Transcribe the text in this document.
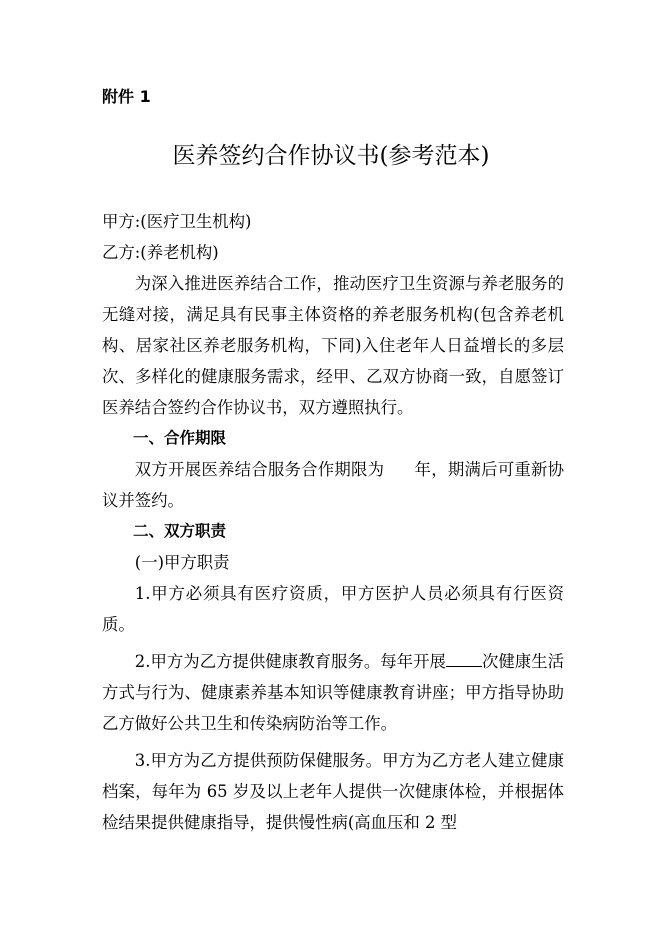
附件 1
医养签约合作协议书(参考范本)

甲方:(医疗卫生机构)

乙方:(养老机构)

为深入推进医养结合工作，推动医疗卫生资源与养老服务的无缝对接，满足具有民事主体资格的养老服务机构(包含养老机构、居家社区养老服务机构，下同)入住老年人日益增长的多层次、多样化的健康服务需求，经甲、乙双方协商一致，自愿签订医养结合签约合作协议书，双方遵照执行。

一、合作期限

双方开展医养结合服务合作期限为 年，期满后可重新协议并签约。

二、双方职责

(一)甲方职责

1.甲方必须具有医疗资质，甲方医护人员必须具有行医资质。

2.甲方为乙方提供健康教育服务。每年开展 次健康生活方式与行为、健康素养基本知识等健康教育讲座；甲方指导协助乙方做好公共卫生和传染病防治等工作。

3.甲方为乙方提供预防保健服务。甲方为乙方老人建立健康档案，每年为 65 岁及以上老年人提供一次健康体检，并根据体检结果提供健康指导，提供慢性病(高血压和 2 型
